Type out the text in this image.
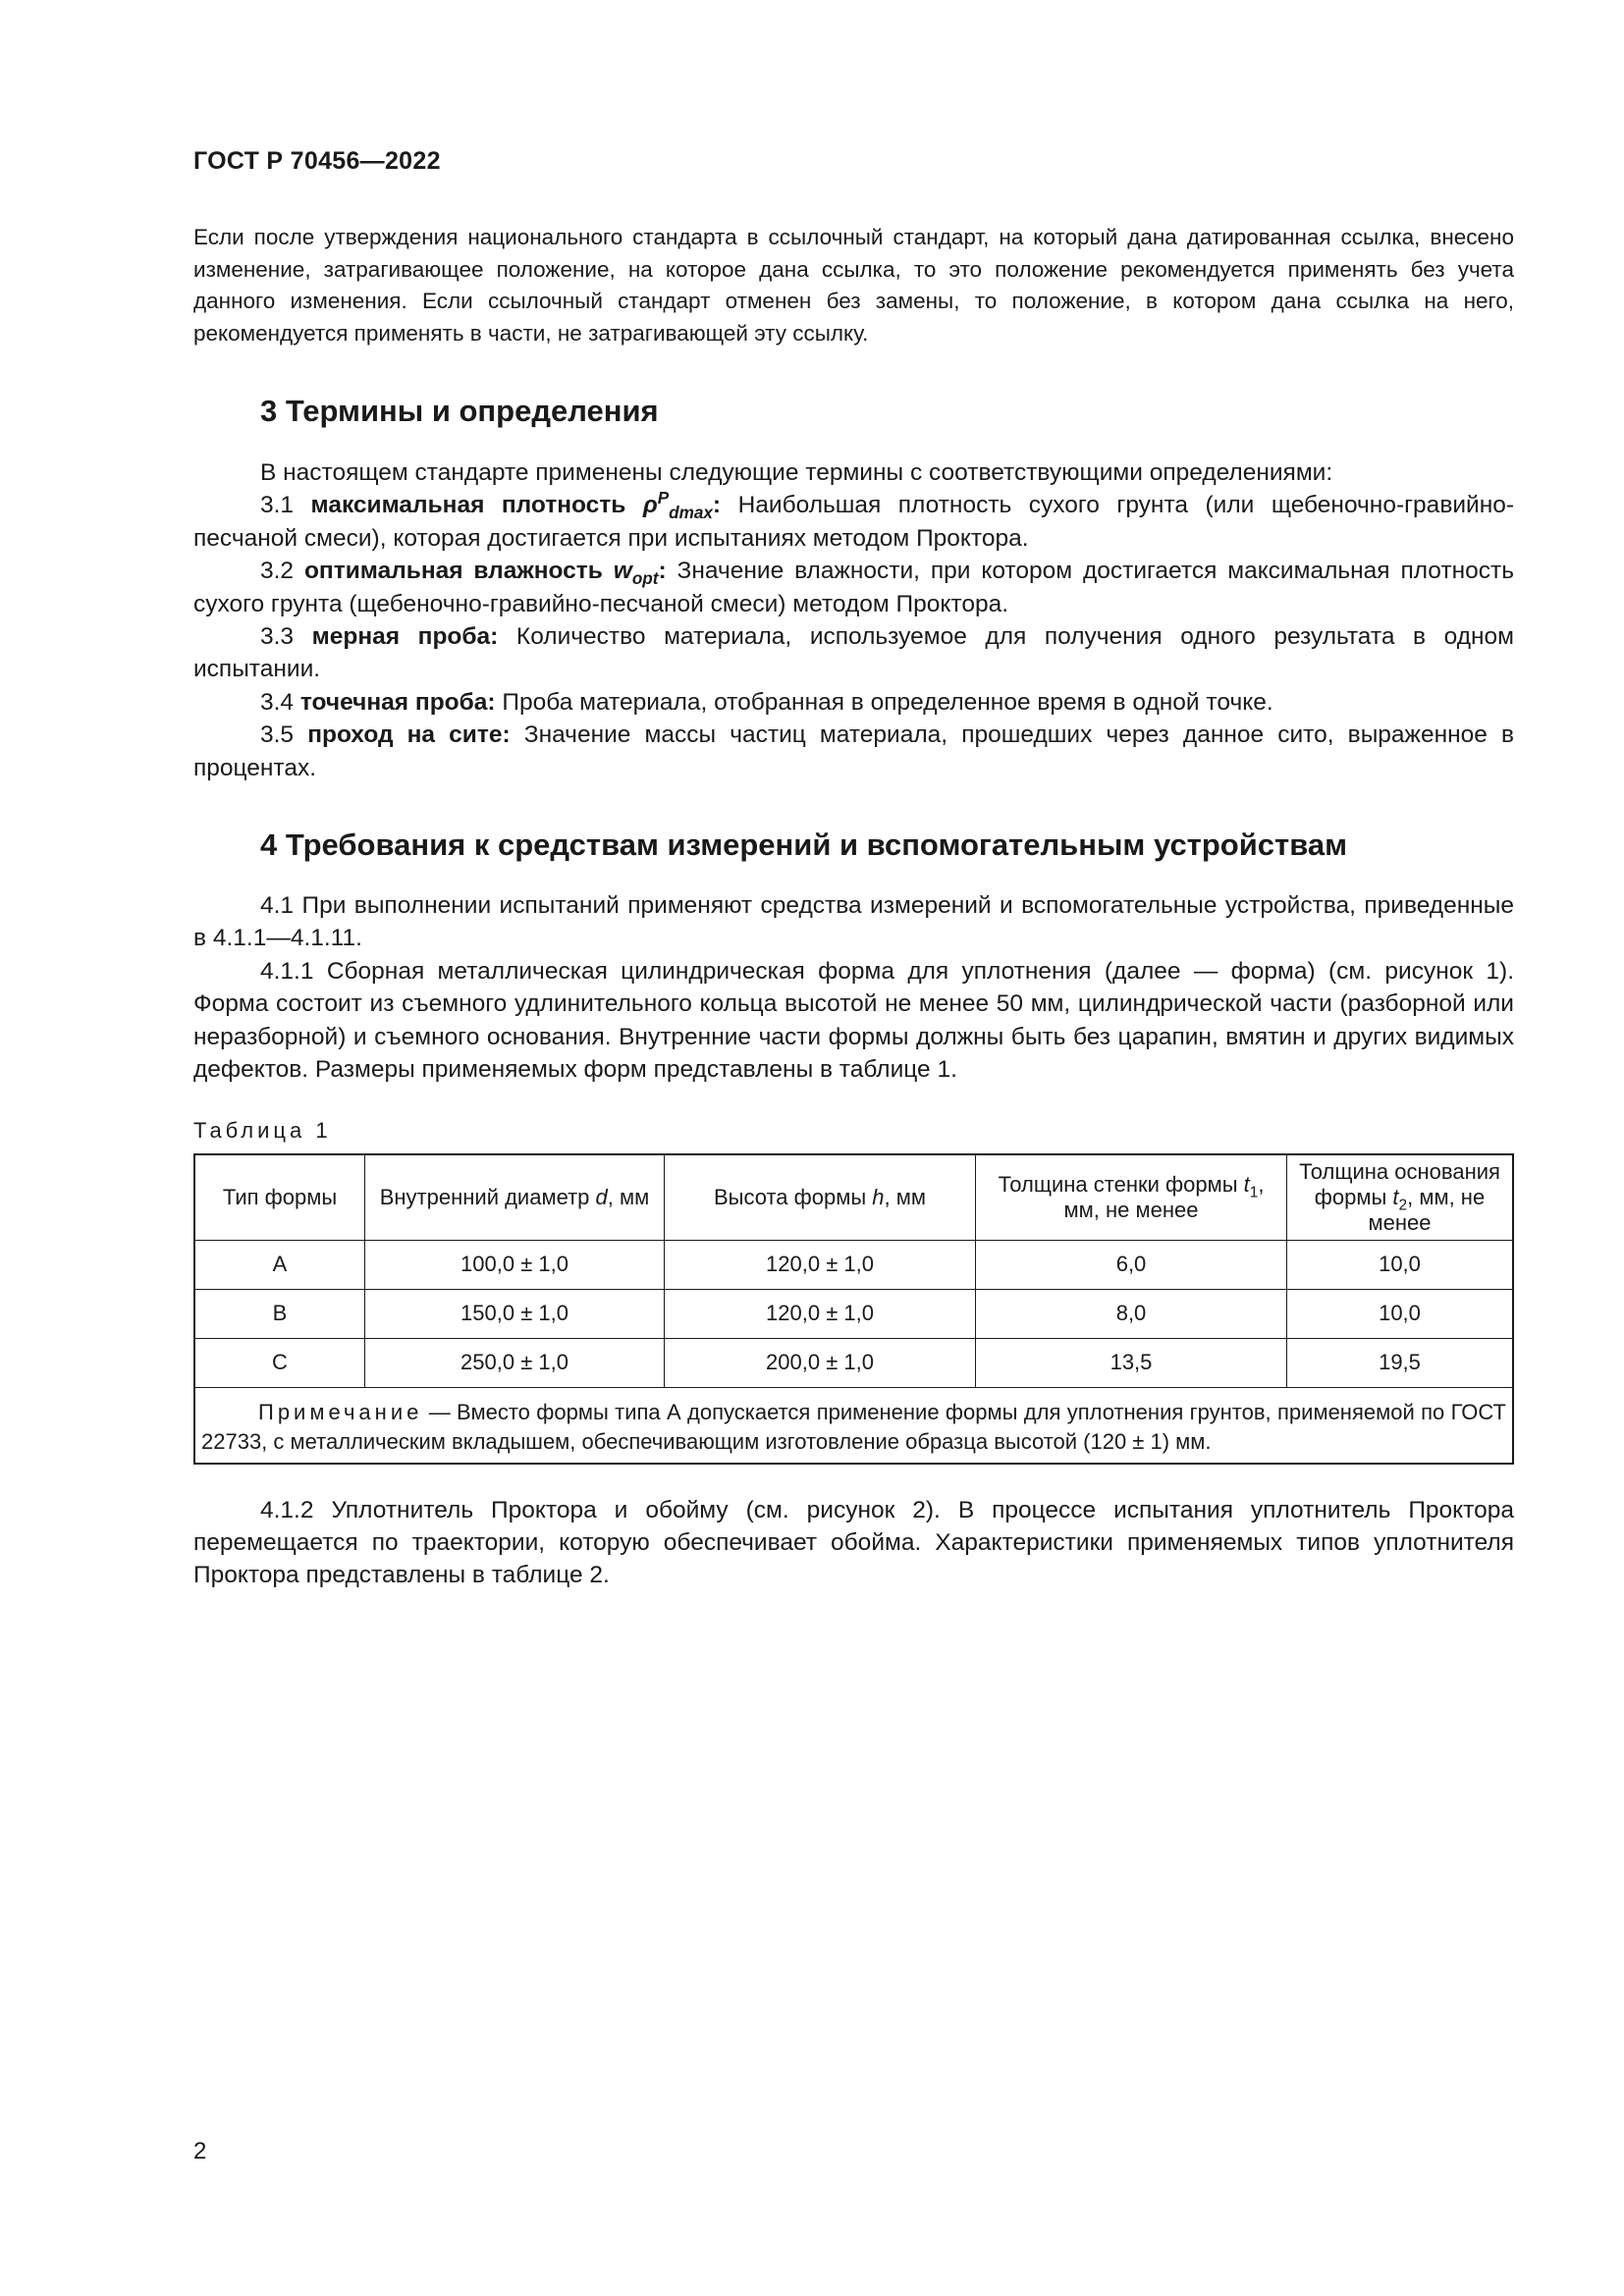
ГОСТ Р 70456—2022

Если после утверждения национального стандарта в ссылочный стандарт, на который дана датированная ссылка, внесено изменение, затрагивающее положение, на которое дана ссылка, то это положение рекомендуется применять без учета данного изменения. Если ссылочный стандарт отменен без замены, то положение, в котором дана ссылка на него, рекомендуется применять в части, не затрагивающей эту ссылку.

3 Термины и определения

В настоящем стандарте применены следующие термины с соответствующими определениями:

3.1 максимальная плотность $\rho^P_{dmax}$: Наибольшая плотность сухого грунта (или щебеночно-гравийно-песчаной смеси), которая достигается при испытаниях методом Проктора.

3.2 оптимальная влажность $w_{opt}$: Значение влажности, при котором достигается максимальная плотность сухого грунта (щебеночно-гравийно-песчаной смеси) методом Проктора.

3.3 мерная проба: Количество материала, используемое для получения одного результата в одном испытании.

3.4 точечная проба: Проба материала, отобранная в определенное время в одной точке.

3.5 проход на сите: Значение массы частиц материала, прошедших через данное сито, выраженное в процентах.

4 Требования к средствам измерений и вспомогательным устройствам

4.1 При выполнении испытаний применяют средства измерений и вспомогательные устройства, приведенные в 4.1.1—4.1.11.

4.1.1 Сборная металлическая цилиндрическая форма для уплотнения (далее — форма) (см. рисунок 1). Форма состоит из съемного удлинительного кольца высотой не менее 50 мм, цилиндрической части (разборной или неразборной) и съемного основания. Внутренние части формы должны быть без царапин, вмятин и других видимых дефектов. Размеры применяемых форм представлены в таблице 1.

Таблица 1
Тип формы	Внутренний диаметр d, мм	Высота формы h, мм	Толщина стенки формы $t_1$, мм, не менее	Толщина основания формы $t_2$, мм, не менее
А	100,0 ± 1,0	120,0 ± 1,0	6,0	10,0
В	150,0 ± 1,0	120,0 ± 1,0	8,0	10,0
С	250,0 ± 1,0	200,0 ± 1,0	13,5	19,5
Примечание — Вместо формы типа А допускается применение формы для уплотнения грунтов, применяемой по ГОСТ 22733, с металлическим вкладышем, обеспечивающим изготовление образца высотой (120 ± 1) мм.				

4.1.2 Уплотнитель Проктора и обойму (см. рисунок 2). В процессе испытания уплотнитель Проктора перемещается по траектории, которую обеспечивает обойма. Характеристики применяемых типов уплотнителя Проктора представлены в таблице 2.

2
